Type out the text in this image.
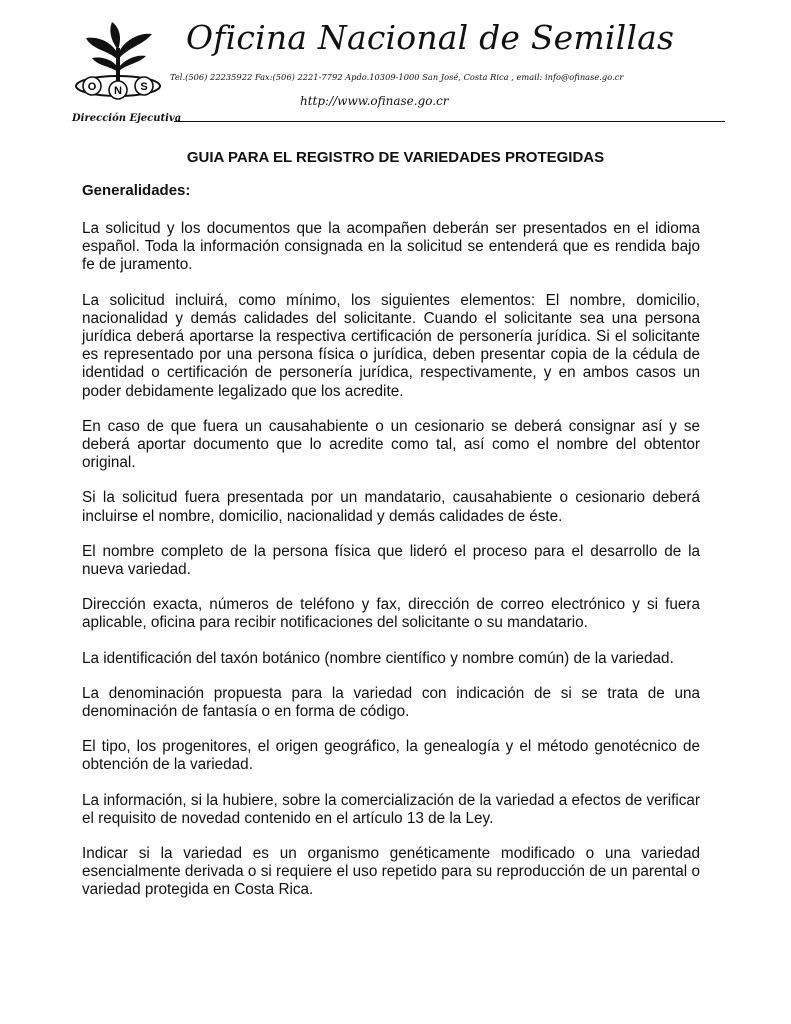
O N S
Oficina Nacional de Semillas
Tel.(506) 22235922 Fax:(506) 2221-7792 Apdo.10309-1000 San José, Costa Rica , email: info@ofinase.go.cr
http://www.ofinase.go.cr
Dirección Ejecutiva
GUIA PARA EL REGISTRO DE VARIEDADES PROTEGIDAS
Generalidades:

La solicitud y los documentos que la acompañen deberán ser presentados en el idioma español. Toda la información consignada en la solicitud se entenderá que es rendida bajo fe de juramento.

La solicitud incluirá, como mínimo, los siguientes elementos: El nombre, domicilio, nacionalidad y demás calidades del solicitante. Cuando el solicitante sea una persona jurídica deberá aportarse la respectiva certificación de personería jurídica. Si el solicitante es representado por una persona física o jurídica, deben presentar copia de la cédula de identidad o certificación de personería jurídica, respectivamente, y en ambos casos un poder debidamente legalizado que los acredite.

En caso de que fuera un causahabiente o un cesionario se deberá consignar así y se deberá aportar documento que lo acredite como tal, así como el nombre del obtentor original.

Si la solicitud fuera presentada por un mandatario, causahabiente o cesionario deberá incluirse el nombre, domicilio, nacionalidad y demás calidades de éste.

El nombre completo de la persona física que lideró el proceso para el desarrollo de la nueva variedad.

Dirección exacta, números de teléfono y fax, dirección de correo electrónico y si fuera aplicable, oficina para recibir notificaciones del solicitante o su mandatario.

La identificación del taxón botánico (nombre científico y nombre común) de la variedad.

La denominación propuesta para la variedad con indicación de si se trata de una denominación de fantasía o en forma de código.

El tipo, los progenitores, el origen geográfico, la genealogía y el método genotécnico de obtención de la variedad.

La información, si la hubiere, sobre la comercialización de la variedad a efectos de verificar el requisito de novedad contenido en el artículo 13 de la Ley.

Indicar si la variedad es un organismo genéticamente modificado o una variedad esencialmente derivada o si requiere el uso repetido para su reproducción de un parental o variedad protegida en Costa Rica.
